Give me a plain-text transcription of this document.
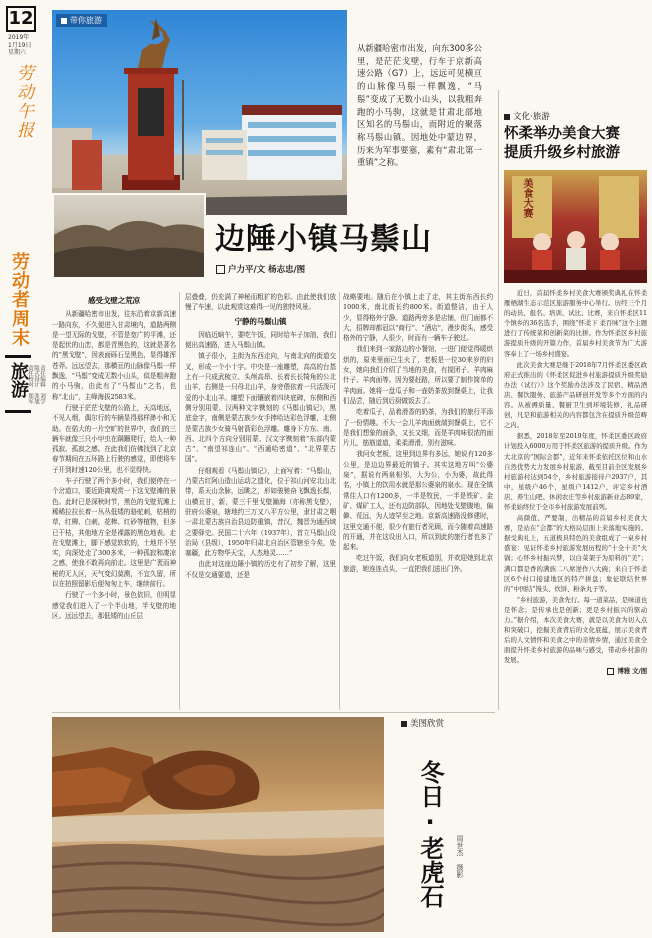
12
2019年
1月19日
星期六
劳动午报
劳动者周末
旅游 版式设计 张旭 责任编辑 刘学
责任校对 郑军
带你旅游
从新疆哈密市出发，向东300多公里，是茫茫戈壁，行车于京新高速公路（G7）上，远远可见横亘的山脉像马鬃一样飘逸，“马鬃”变成了无数小山头，以我粗奔跑的小马驹，这就是甘肃北部地区知名的马鬃山，而附近的聚落称马鬃山镇。因地处中蒙边界，历来为军事要塞，素有“肃北第一重镇”之称。
边陲小镇马鬃山
户力平/文 杨志忠/图
感受戈壁之荒凉

从新疆哈密市出发，往东沿着京新高速一路向东，不久便进入甘肃境内，道路两侧是一望无际的戈壁，不管是宽广的平滩，还是起伏的山峦，都是青黑色的，这就是著名的“黑戈壁”，因表面砾石呈黑色，显得雄浑苍莽。远远望去，那横亘的山脉像马鬃一样飘逸，“马鬃”变成无数小山头，似是粗奔跑的小马驹，由此有了“马鬃山”之名，也称“北山”，主峰海拔2583米。

行驶于茫茫戈壁的公路上，天高地远，不见人烟，偶尔行的车辆显得那样渺小和无助。在偌大的一片空旷的世界中，我们的三辆车就像三只小甲虫在蹒跚爬行，给人一种孤寂、孤寂之感。在此我们仿佛找到了北京春节期间在五环路上行驶的感觉，即使将车子开到时速120公里，也不觉得快。

车子行驶了两个多小时，我们便停在一个岔道口，要近距离观赏一下这戈壁滩的景色。此时已是深秋时节，黑色的戈壁荒滩上稀稀拉拉长着一丛丛低矮的骆驼刺，枯梢的草，红柳、白刺，花棒、红砂等植物，但多已干枯，其他地方全是裸露的黑色地表。走在戈壁滩上，脚下感觉软软的，土地并不坚实，向深处走了300多米，一种孤寂和凄凉之感，使我不敢再向前走。这里是广袤而神秘的无人区，天气变幻莫测，不宜久留，所以在拍照留影后便匆匆上车，继续前行。

行驶了一个多小时，景色依旧，但明显感觉我们进入了一个半山地，半戈壁的地区。远远望去，那低矮的山丘层

层叠叠，仍充满了神秘而粗犷的色彩。由此使我们放慢了车速，以此观赏这难得一见的独特风景。

宁静的马鬃山镇

因临近晌午，要吃午饭，同时给车子加油，我们便出高速路，进入马鬃山镇。

镇子很小，主街为东西走向，与南北向的街道交叉，形成一个小十字。中央是一座雕塑，高高的台基上有一只成武梳立、头颅高昂、长着长长犄角的公北山羊，右侧是一只母北山羊，身旁偎依着一只活泼可爱的小北山羊。雕塑下面镶嵌着四块底碑，东侧和西侧分别用蒙、汉两种文字镌刻的《马鬃山镇记》，黑底金字，南侧是蒙古族少女手捧哈达彩色浮雕，北侧是蒙古族少女骑马射箭彩色浮雕。雕身下方东、南、西、北四个方向分别用蒙、汉文字镌刻着“东部内蒙古”、“南望祁连山”、“西通哈密道”、“北界蒙古国”。

仔细观看《马鬃山镇记》，上面写着：“马鬃山，乃蒙古红阿山造山运动之遗化，位于祁山河安北山北带，系天山余脉，远眺之，形如骏驰奋飞飘逸长鬃，山横亘甘，新，蒙三千里戈壁瀚海（亦称黑戈壁），驻府公婆泉，辖地约三万又八平方公里，隶甘肃之咽一肃北蒙古族自治县边防重镇，昔汉，魏晋为通西域之要驿史。民国二十六年（1937年），首立马鬃山设治局（县级），1950年归肃北自治区管辖至今矣，处塞疆，此方物华天宝，人杰地灵……”

由此对这座边陲小镇的历史有了初步了解，这里不仅是交通要道，还是

战略要地。随后在小镇上走了走，其主街东西长约1000米，南北街长约800米。街道整洁，由于人少，显得格外宁静。道路两旁多是店铺，但门面都不大，招牌却都冠以“商行”、“酒店”，漫步街头，感受格外的宁静，人很少，时而有一辆车子驶过。

我们来到一家路边的小餐馆，一进门便觉得暖烘烘的，原来里面已生火了，老板是一位30来岁的妇女，她向我们介绍了当地的美食，有搅团子、羊肉麻什子、羊肉面等。因为要赶路，所以要了制作简单的羊肉面。她将一盘瓜子和一壶奶茶放到餐桌上，让我们品尝，随后到后厨做饭去了。

吃着瓜子，品着滑香的奶茶，为我们的旅行平添了一份情趣。不大一会儿羊肉面就端到餐桌上，它不是我们想象的面条，又长又细，而是羊肉味很浓的面片儿，筋筋道道，柔柔滑滑，别有滋味。

我问女老板，这里到边界有多远，她说有120多公里，是边边界最近的镇子。其实这地方叫“公婆泉”，据说有两泉相邻，大为公，小为婆，故此得名，小镇上的饮用水就是那公婆泉的泉水。现在全镇常住人口有1200多，一半是牧民，一半是铁矿、金矿、煤矿工人，还有边防部队，因地处戈壁腹地，偏僻、荒远，为人迹罕至之地。京新高速路没修建时，这里交通不便，很少有旅行者光顾，而今随着高速路的开通，并在这设出入口，所以到此的旅行者也多了起来。

吃过午饭，我们向女老板道别，并欢迎她到北京旅游，她连连点头，一直把我们送出门外。

文化·旅游
怀柔举办美食大赛
提质升级乡村旅游
美食大赛

近日，首届怀柔乡村美食大赛颁奖典礼在怀柔雁栖湖生态示范区旅游服务中心举行。历经三个月的动员、报名、培训、试比、比赛，来自怀柔区11个镇乡的36名选手，围绕“怀柔下 柔百味”这个主题进行了传统菜和创新菜的比拼。作为怀柔区乡村旅游提质升级的开篇力作，首届乡村美食节为广大游客奉上了一场乡村盛宴。

此次美食大赛是继于2018年7月怀柔区委区政府正式推出的《怀柔区促进乡村旅游提质升级奖励办法（试行）》这个奖励办法涉及了民宿、精品酒店、餐饮服务、旅游产品研创开发等多个方面的内容。从被褥质量、餐厨卫生到环境装修、礼品研创，凡是和旅游相关的内容都包含在提质升级范畴之内。

据悉，2018年至2019年度，怀柔区委区政府计划投入6000万用于怀柔区旅游的提质升级。作为大北京的“国际会都”，近年来怀柔依托区位和山水自然优势大力发展乡村旅游，截至目前全区发展乡村旅游村达到54个，乡村旅游接待户2937户，其中，星级户46个，星级户1412户，评定乡村酒店、养生山吧、休闲农庄等乡村旅游新业态89家，怀柔始终位于全市乡村旅游发展前列。

高颜值、严要制，出精品的首届乡村美食大赛，是站在“会都”的大格局层面上来落地实施的。据受典礼上，五道极具特色的美食组成了一桌乡村盛宴：见证怀柔乡村旅游发展历程的“十全十美”火锅；心怀乡村振兴梦，以白菜架子为原料的“美”；满口都是香的满族二八席逆作八大碗；来自于怀柔区6个村口接建地区的特产拼盘；象征联结世界的“中国结”馒头、炊饼、粉条丸子等。

“乡村旅游，美食先行。每一道菜品，是味道也是怀念；是传承也是创新；更是乡村振兴的驱动力。”据介绍，本次美食大赛，就是以美食为切入点和突破口，挖掘美食背后的文化底蕴，展示美食背后的人文情怀和美食之中的亲情乡情，通过美食全面提升怀柔乡村旅游的品味与感受，带动乡村游的发展。

博雅 文/图
美图欣赏
冬日·老虎石 周世杰 摄影
